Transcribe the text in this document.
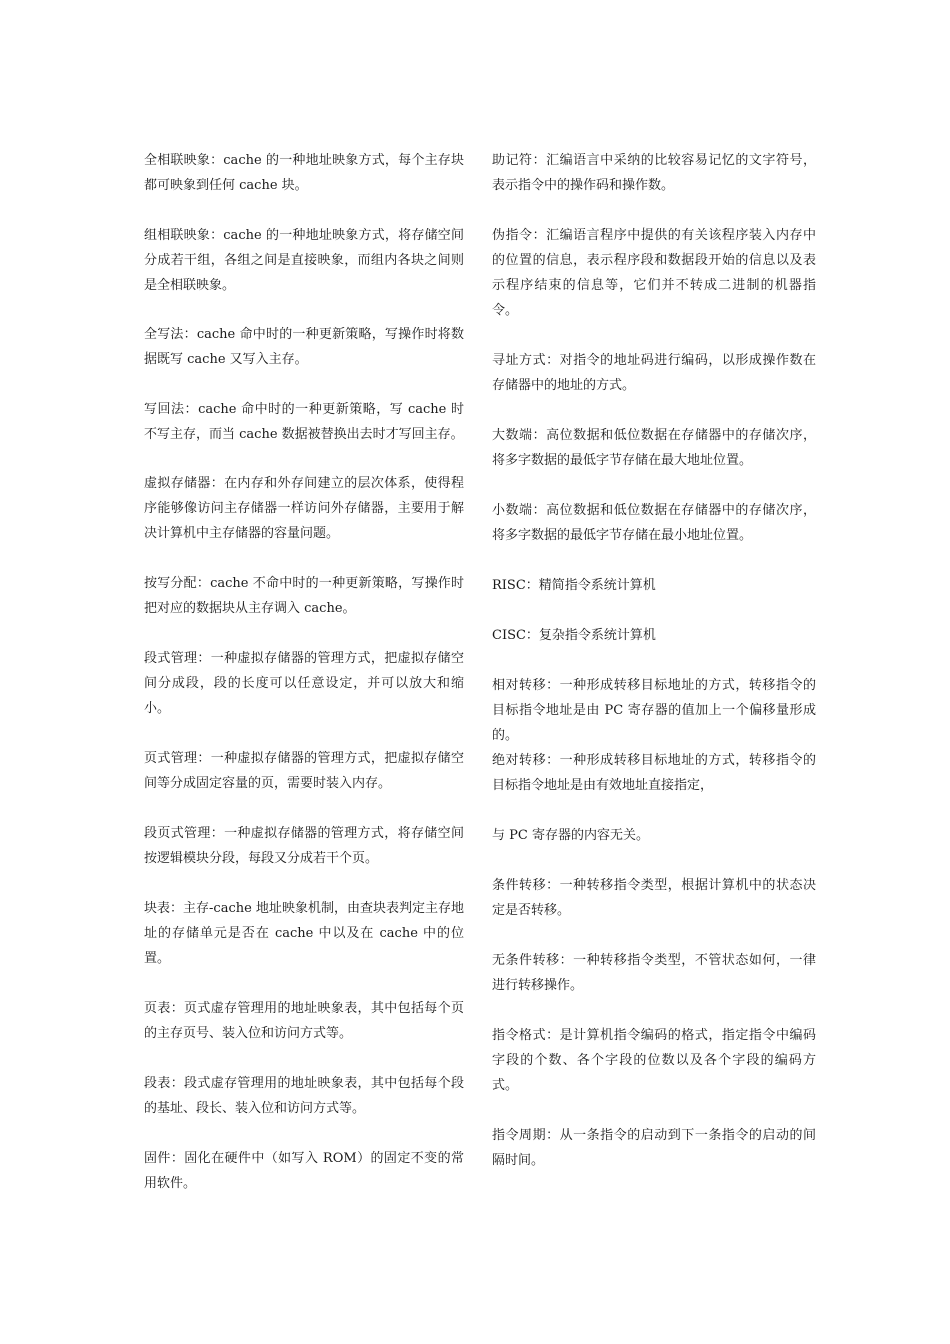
全相联映象：cache 的一种地址映象方式，每个主存块都可映象到任何 cache 块。

组相联映象：cache 的一种地址映象方式，将存储空间分成若干组，各组之间是直接映象，而组内各块之间则是全相联映象。

全写法：cache 命中时的一种更新策略，写操作时将数据既写 cache 又写入主存。

写回法：cache 命中时的一种更新策略，写 cache 时不写主存，而当 cache 数据被替换出去时才写回主存。

虚拟存储器：在内存和外存间建立的层次体系，使得程序能够像访问主存储器一样访问外存储器，主要用于解决计算机中主存储器的容量问题。

按写分配：cache 不命中时的一种更新策略，写操作时把对应的数据块从主存调入 cache。

段式管理：一种虚拟存储器的管理方式，把虚拟存储空间分成段，段的长度可以任意设定，并可以放大和缩小。

页式管理：一种虚拟存储器的管理方式，把虚拟存储空间等分成固定容量的页，需要时装入内存。

段页式管理：一种虚拟存储器的管理方式，将存储空间按逻辑模块分段，每段又分成若干个页。

块表：主存-cache 地址映象机制，由查块表判定主存地址的存储单元是否在 cache 中以及在 cache 中的位置。

页表：页式虚存管理用的地址映象表，其中包括每个页的主存页号、装入位和访问方式等。

段表：段式虚存管理用的地址映象表，其中包括每个段的基址、段长、装入位和访问方式等。

固件：固化在硬件中（如写入 ROM）的固定不变的常用软件。

助记符：汇编语言中采纳的比较容易记忆的文字符号，表示指令中的操作码和操作数。

伪指令：汇编语言程序中提供的有关该程序装入内存中的位置的信息，表示程序段和数据段开始的信息以及表示程序结束的信息等，它们并不转成二进制的机器指令。

寻址方式：对指令的地址码进行编码，以形成操作数在存储器中的地址的方式。

大数端：高位数据和低位数据在存储器中的存储次序，将多字数据的最低字节存储在最大地址位置。

小数端：高位数据和低位数据在存储器中的存储次序，将多字数据的最低字节存储在最小地址位置。

RISC：精简指令系统计算机

CISC：复杂指令系统计算机

相对转移：一种形成转移目标地址的方式，转移指令的目标指令地址是由 PC 寄存器的值加上一个偏移量形成的。

绝对转移：一种形成转移目标地址的方式，转移指令的目标指令地址是由有效地址直接指定，

与 PC 寄存器的内容无关。

条件转移：一种转移指令类型，根据计算机中的状态决定是否转移。

无条件转移：一种转移指令类型，不管状态如何，一律进行转移操作。

指令格式：是计算机指令编码的格式，指定指令中编码字段的个数、各个字段的位数以及各个字段的编码方式。

指令周期：从一条指令的启动到下一条指令的启动的间隔时间。
